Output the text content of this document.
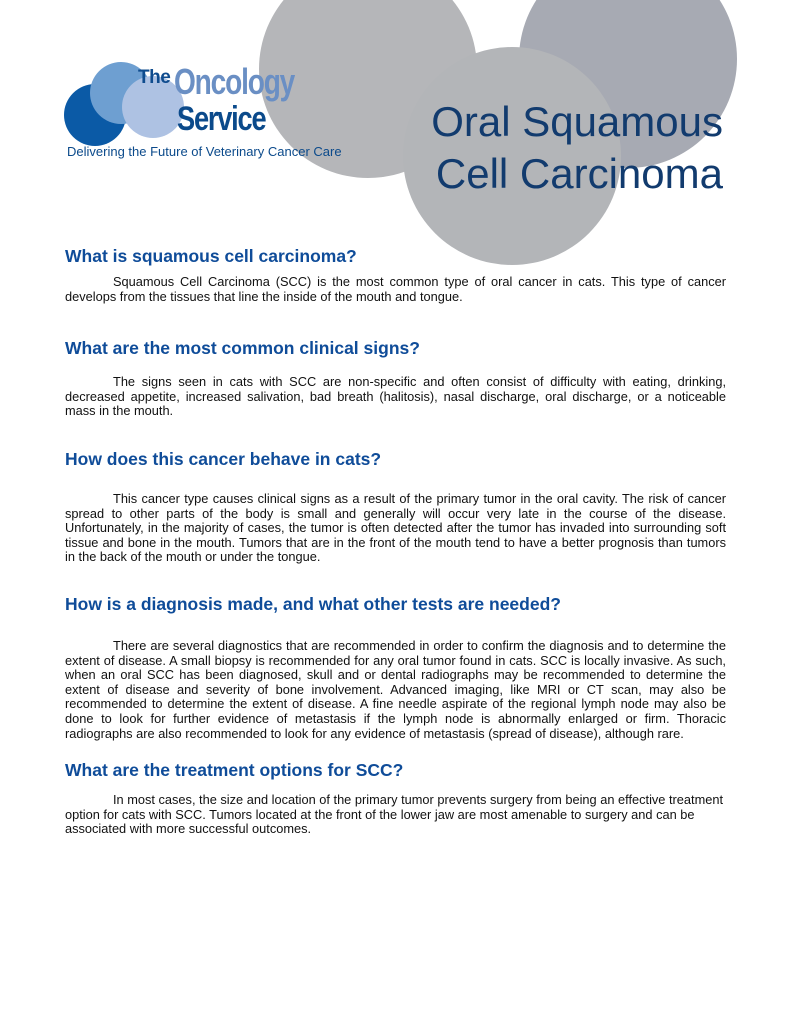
The Oncology
Service
Delivering the Future of Veterinary Cancer Care
Oral Squamous
Cell Carcinoma
What is squamous cell carcinoma?

Squamous Cell Carcinoma (SCC) is the most common type of oral cancer in cats. This type of cancer develops from the tissues that line the inside of the mouth and tongue.

What are the most common clinical signs?

The signs seen in cats with SCC are non-specific and often consist of difficulty with eating, drinking, decreased appetite, increased salivation, bad breath (halitosis), nasal discharge, oral discharge, or a noticeable mass in the mouth.

How does this cancer behave in cats?

This cancer type causes clinical signs as a result of the primary tumor in the oral cavity. The risk of cancer spread to other parts of the body is small and generally will occur very late in the course of the disease. Unfortunately, in the majority of cases, the tumor is often detected after the tumor has invaded into surrounding soft tissue and bone in the mouth. Tumors that are in the front of the mouth tend to have a better prognosis than tumors in the back of the mouth or under the tongue.

How is a diagnosis made, and what other tests are needed?

There are several diagnostics that are recommended in order to confirm the diagnosis and to determine the extent of disease. A small biopsy is recommended for any oral tumor found in cats. SCC is locally invasive. As such, when an oral SCC has been diagnosed, skull and or dental radiographs may be recommended to determine the extent of disease and severity of bone involvement. Advanced imaging, like MRI or CT scan, may also be recommended to determine the extent of disease. A fine needle aspirate of the regional lymph node may also be done to look for further evidence of metastasis if the lymph node is abnormally enlarged or firm. Thoracic radiographs are also recommended to look for any evidence of metastasis (spread of disease), although rare.

What are the treatment options for SCC?

In most cases, the size and location of the primary tumor prevents surgery from being an effective treatment option for cats with SCC. Tumors located at the front of the lower jaw are most amenable to surgery and can be associated with more successful outcomes.
